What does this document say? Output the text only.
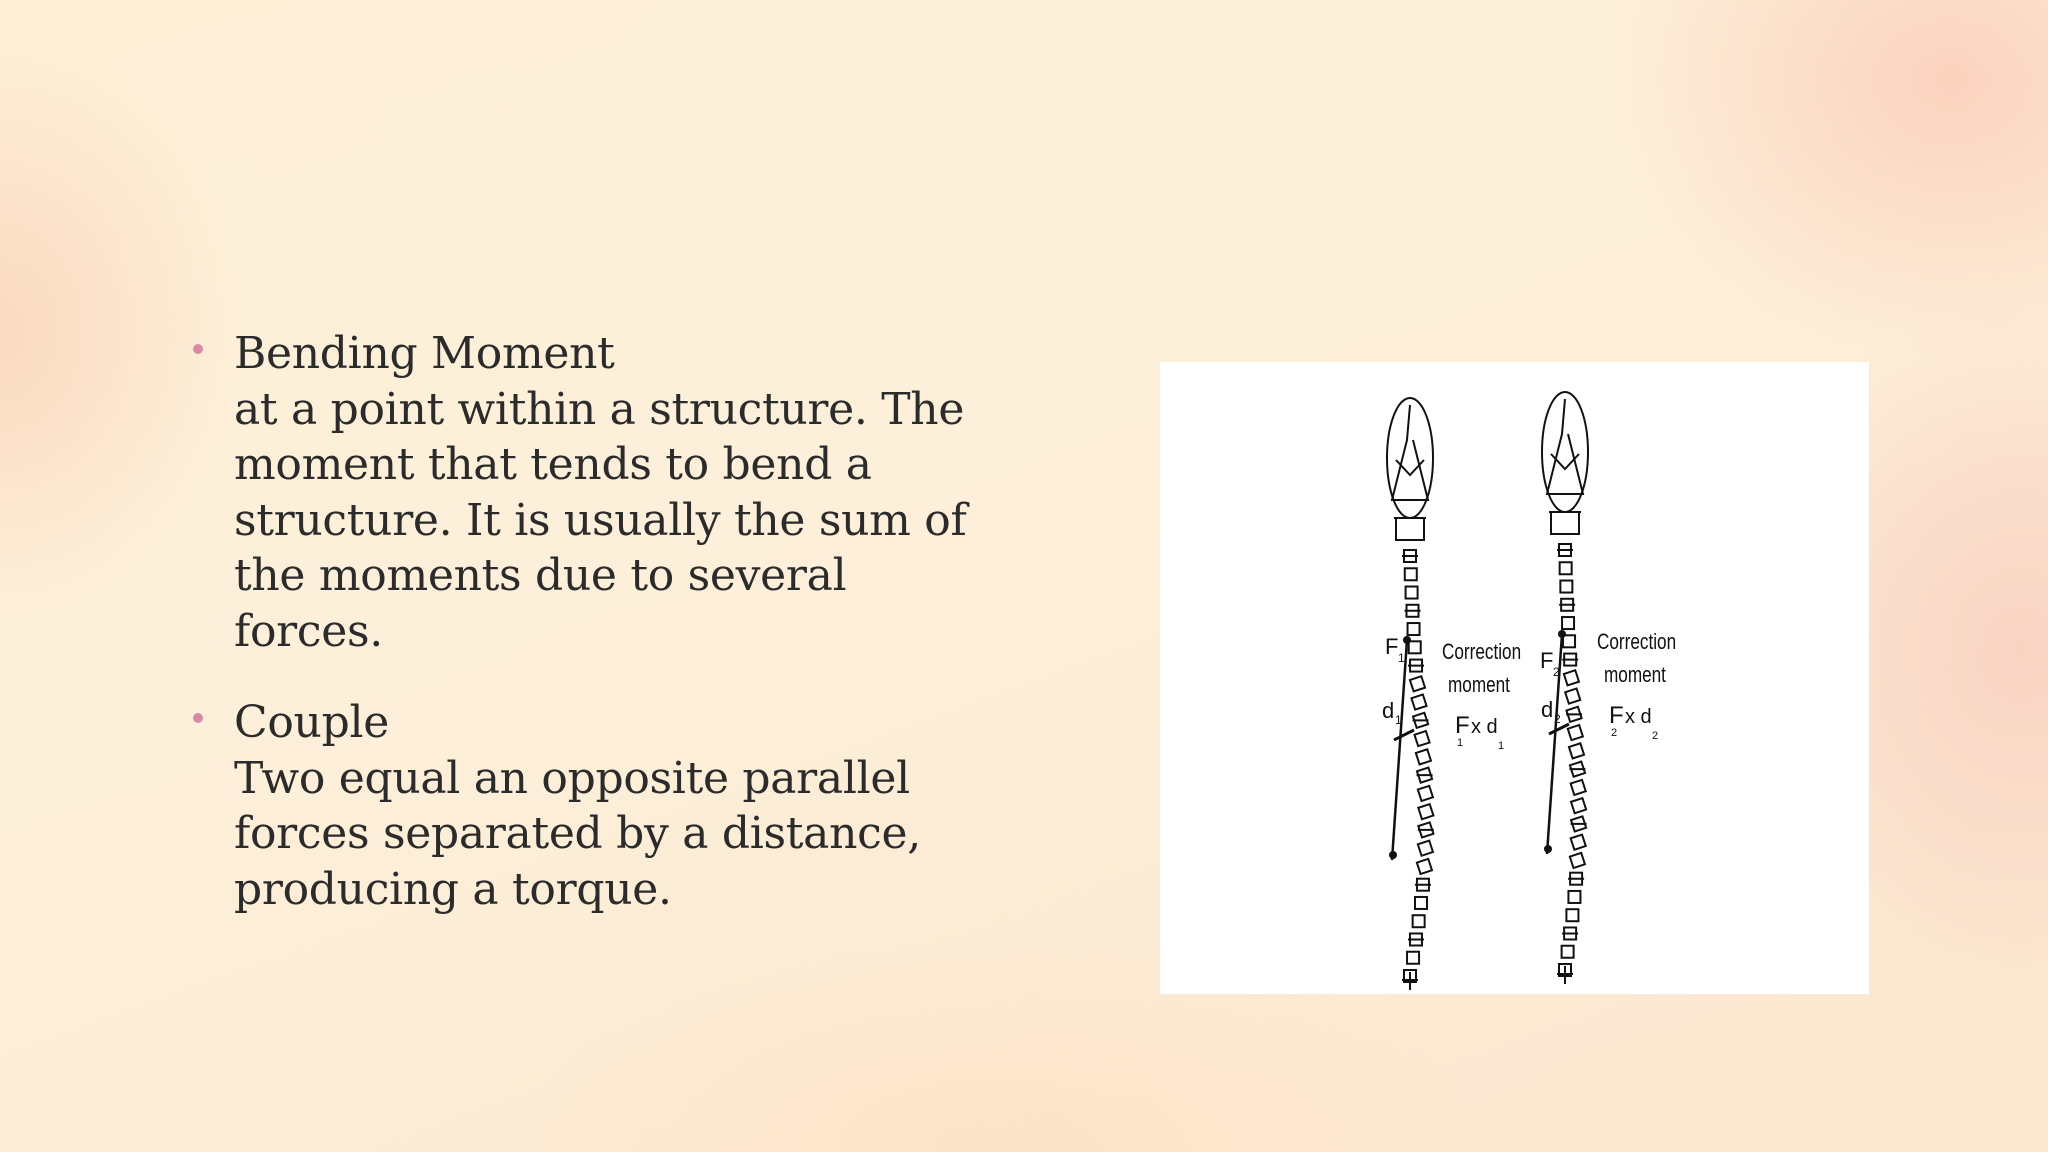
Bending Moment
at a point within a structure. The moment that tends to bend a structure. It is usually the sum of the moments due to several forces.
Couple
Two equal an opposite parallel forces separated by a distance, producing a torque.
F 1
d 1
Correction
moment
F
1
x d
1
F 2
d 2
Correction
moment
F
2
x d
2
